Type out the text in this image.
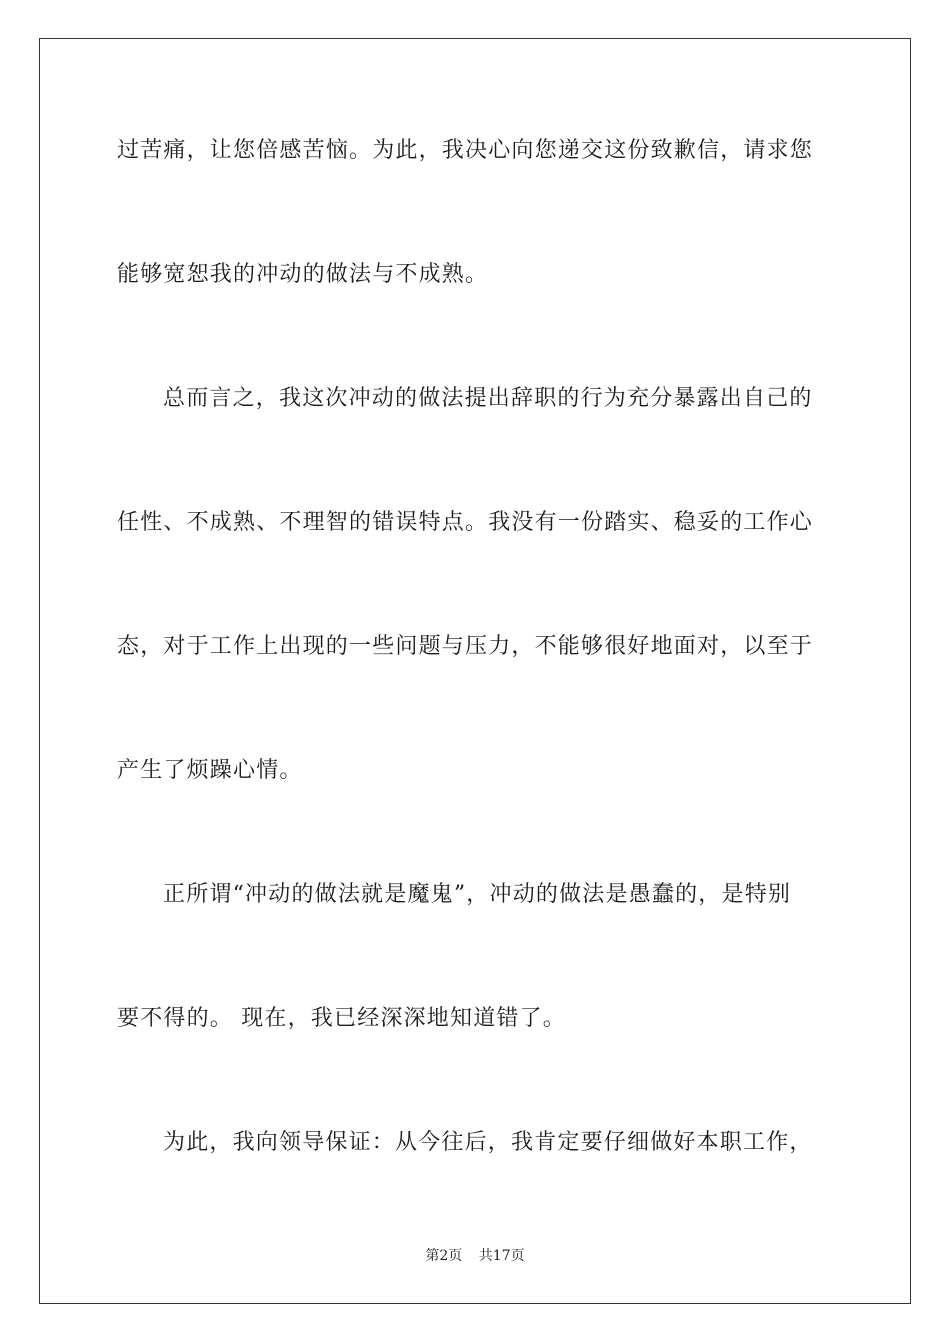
过苦痛，让您倍感苦恼。为此，我决心向您递交这份致歉信，请求您
能够宽恕我的冲动的做法与不成熟。
总而言之，我这次冲动的做法提出辞职的行为充分暴露出自己的
任性、不成熟、不理智的错误特点。我没有一份踏实、稳妥的工作心
态，对于工作上出现的一些问题与压力，不能够很好地面对，以至于
产生了烦躁心情。
正所谓“冲动的做法就是魔鬼”，冲动的做法是愚蠢的，是特别
要不得的。 现在，我已经深深地知道错了。
为此，我向领导保证：从今往后，我肯定要仔细做好本职工作，
第2页 共17页
